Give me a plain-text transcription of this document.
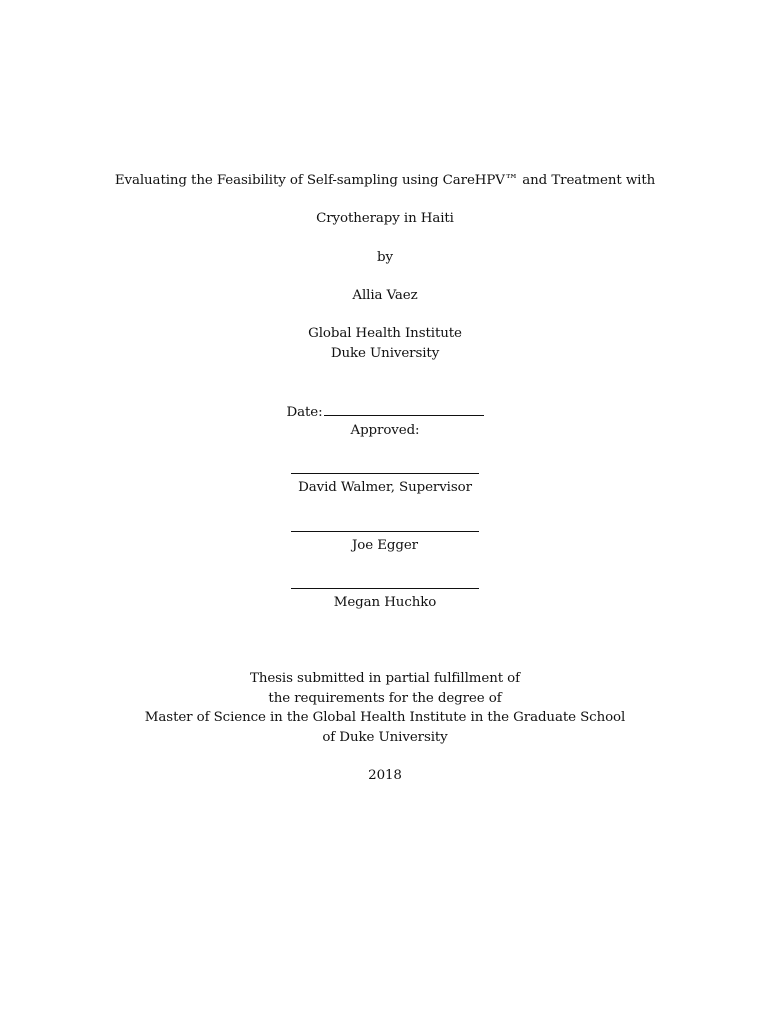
Evaluating the Feasibility of Self-sampling using CareHPV™ and Treatment with
Cryotherapy in Haiti
by
Allia Vaez
Global Health Institute
Duke University
Date:
Approved:
David Walmer, Supervisor
Joe Egger
Megan Huchko
Thesis submitted in partial fulfillment of
the requirements for the degree of
Master of Science in the Global Health Institute in the Graduate School
of Duke University
2018
